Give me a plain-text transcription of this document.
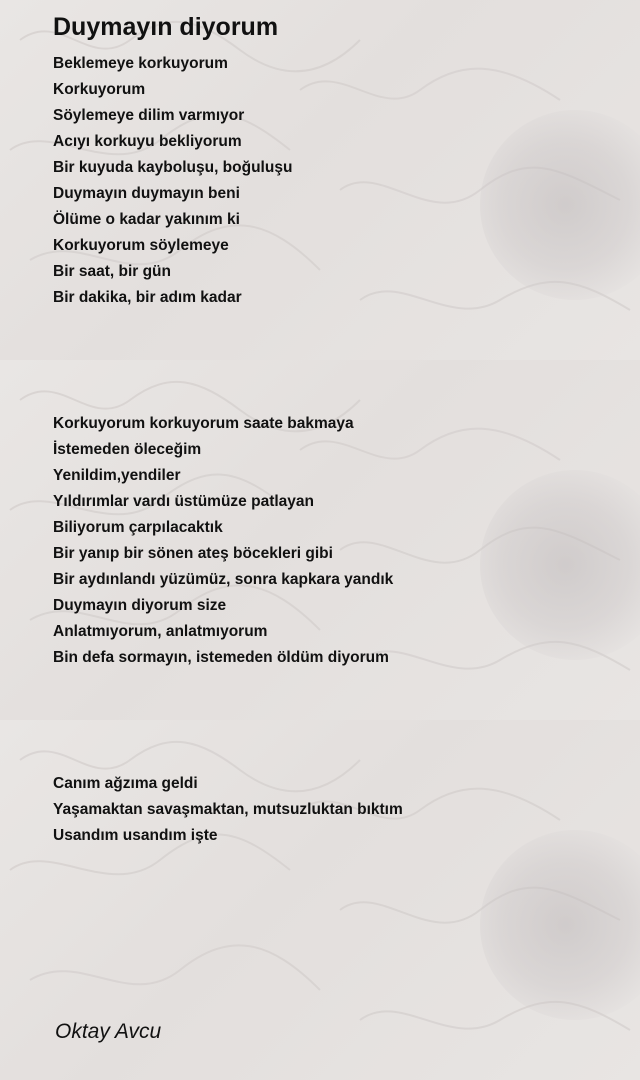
Duymayın diyorum
Beklemeye korkuyorum
Korkuyorum
Söylemeye dilim varmıyor
Acıyı korkuyu bekliyorum
Bir kuyuda kayboluşu, boğuluşu
Duymayın duymayın beni
Ölüme o kadar yakınım ki
Korkuyorum söylemeye
Bir saat, bir gün
Bir dakika, bir adım kadar
Korkuyorum korkuyorum saate bakmaya
İstemeden öleceğim
Yenildim,yendiler
Yıldırımlar vardı üstümüze patlayan
Biliyorum çarpılacaktık
Bir yanıp bir sönen ateş böcekleri gibi
Bir aydınlandı yüzümüz, sonra kapkara yandık
Duymayın diyorum size
Anlatmıyorum, anlatmıyorum
Bin defa sormayın, istemeden öldüm diyorum
Canım ağzıma geldi
Yaşamaktan savaşmaktan, mutsuzluktan bıktım
Usandım usandım işte
Oktay Avcu
